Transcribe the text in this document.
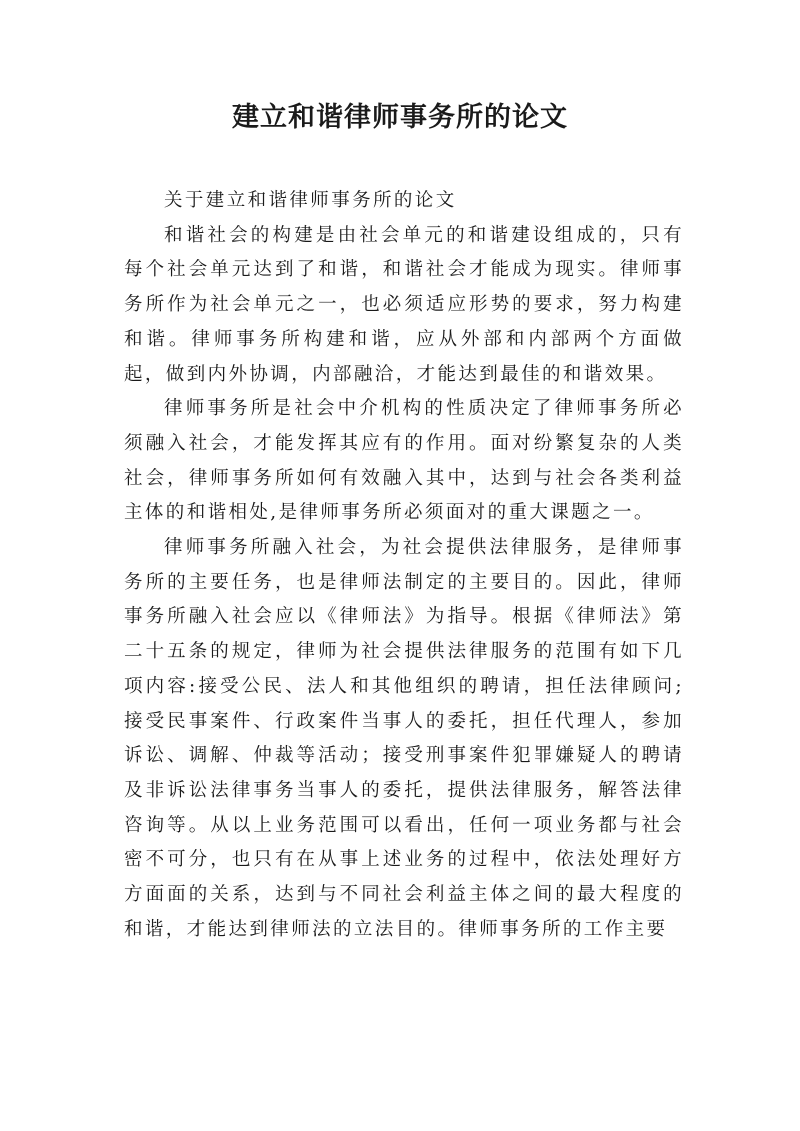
建立和谐律师事务所的论文

关于建立和谐律师事务所的论文

和谐社会的构建是由社会单元的和谐建设组成的，只有每个社会单元达到了和谐，和谐社会才能成为现实。律师事务所作为社会单元之一，也必须适应形势的要求，努力构建和谐。律师事务所构建和谐，应从外部和内部两个方面做起，做到内外协调，内部融洽，才能达到最佳的和谐效果。

律师事务所是社会中介机构的性质决定了律师事务所必须融入社会，才能发挥其应有的作用。面对纷繁复杂的人类社会，律师事务所如何有效融入其中，达到与社会各类利益主体的和谐相处,是律师事务所必须面对的重大课题之一。

律师事务所融入社会，为社会提供法律服务，是律师事务所的主要任务，也是律师法制定的主要目的。因此，律师事务所融入社会应以《律师法》为指导。根据《律师法》第二十五条的规定，律师为社会提供法律服务的范围有如下几项内容:接受公民、法人和其他组织的聘请，担任法律顾问;接受民事案件、行政案件当事人的委托，担任代理人，参加诉讼、调解、仲裁等活动；接受刑事案件犯罪嫌疑人的聘请及非诉讼法律事务当事人的委托，提供法律服务，解答法律咨询等。从以上业务范围可以看出，任何一项业务都与社会密不可分，也只有在从事上述业务的过程中，依法处理好方方面面的关系，达到与不同社会利益主体之间的最大程度的和谐，才能达到律师法的立法目的。律师事务所的工作主要
